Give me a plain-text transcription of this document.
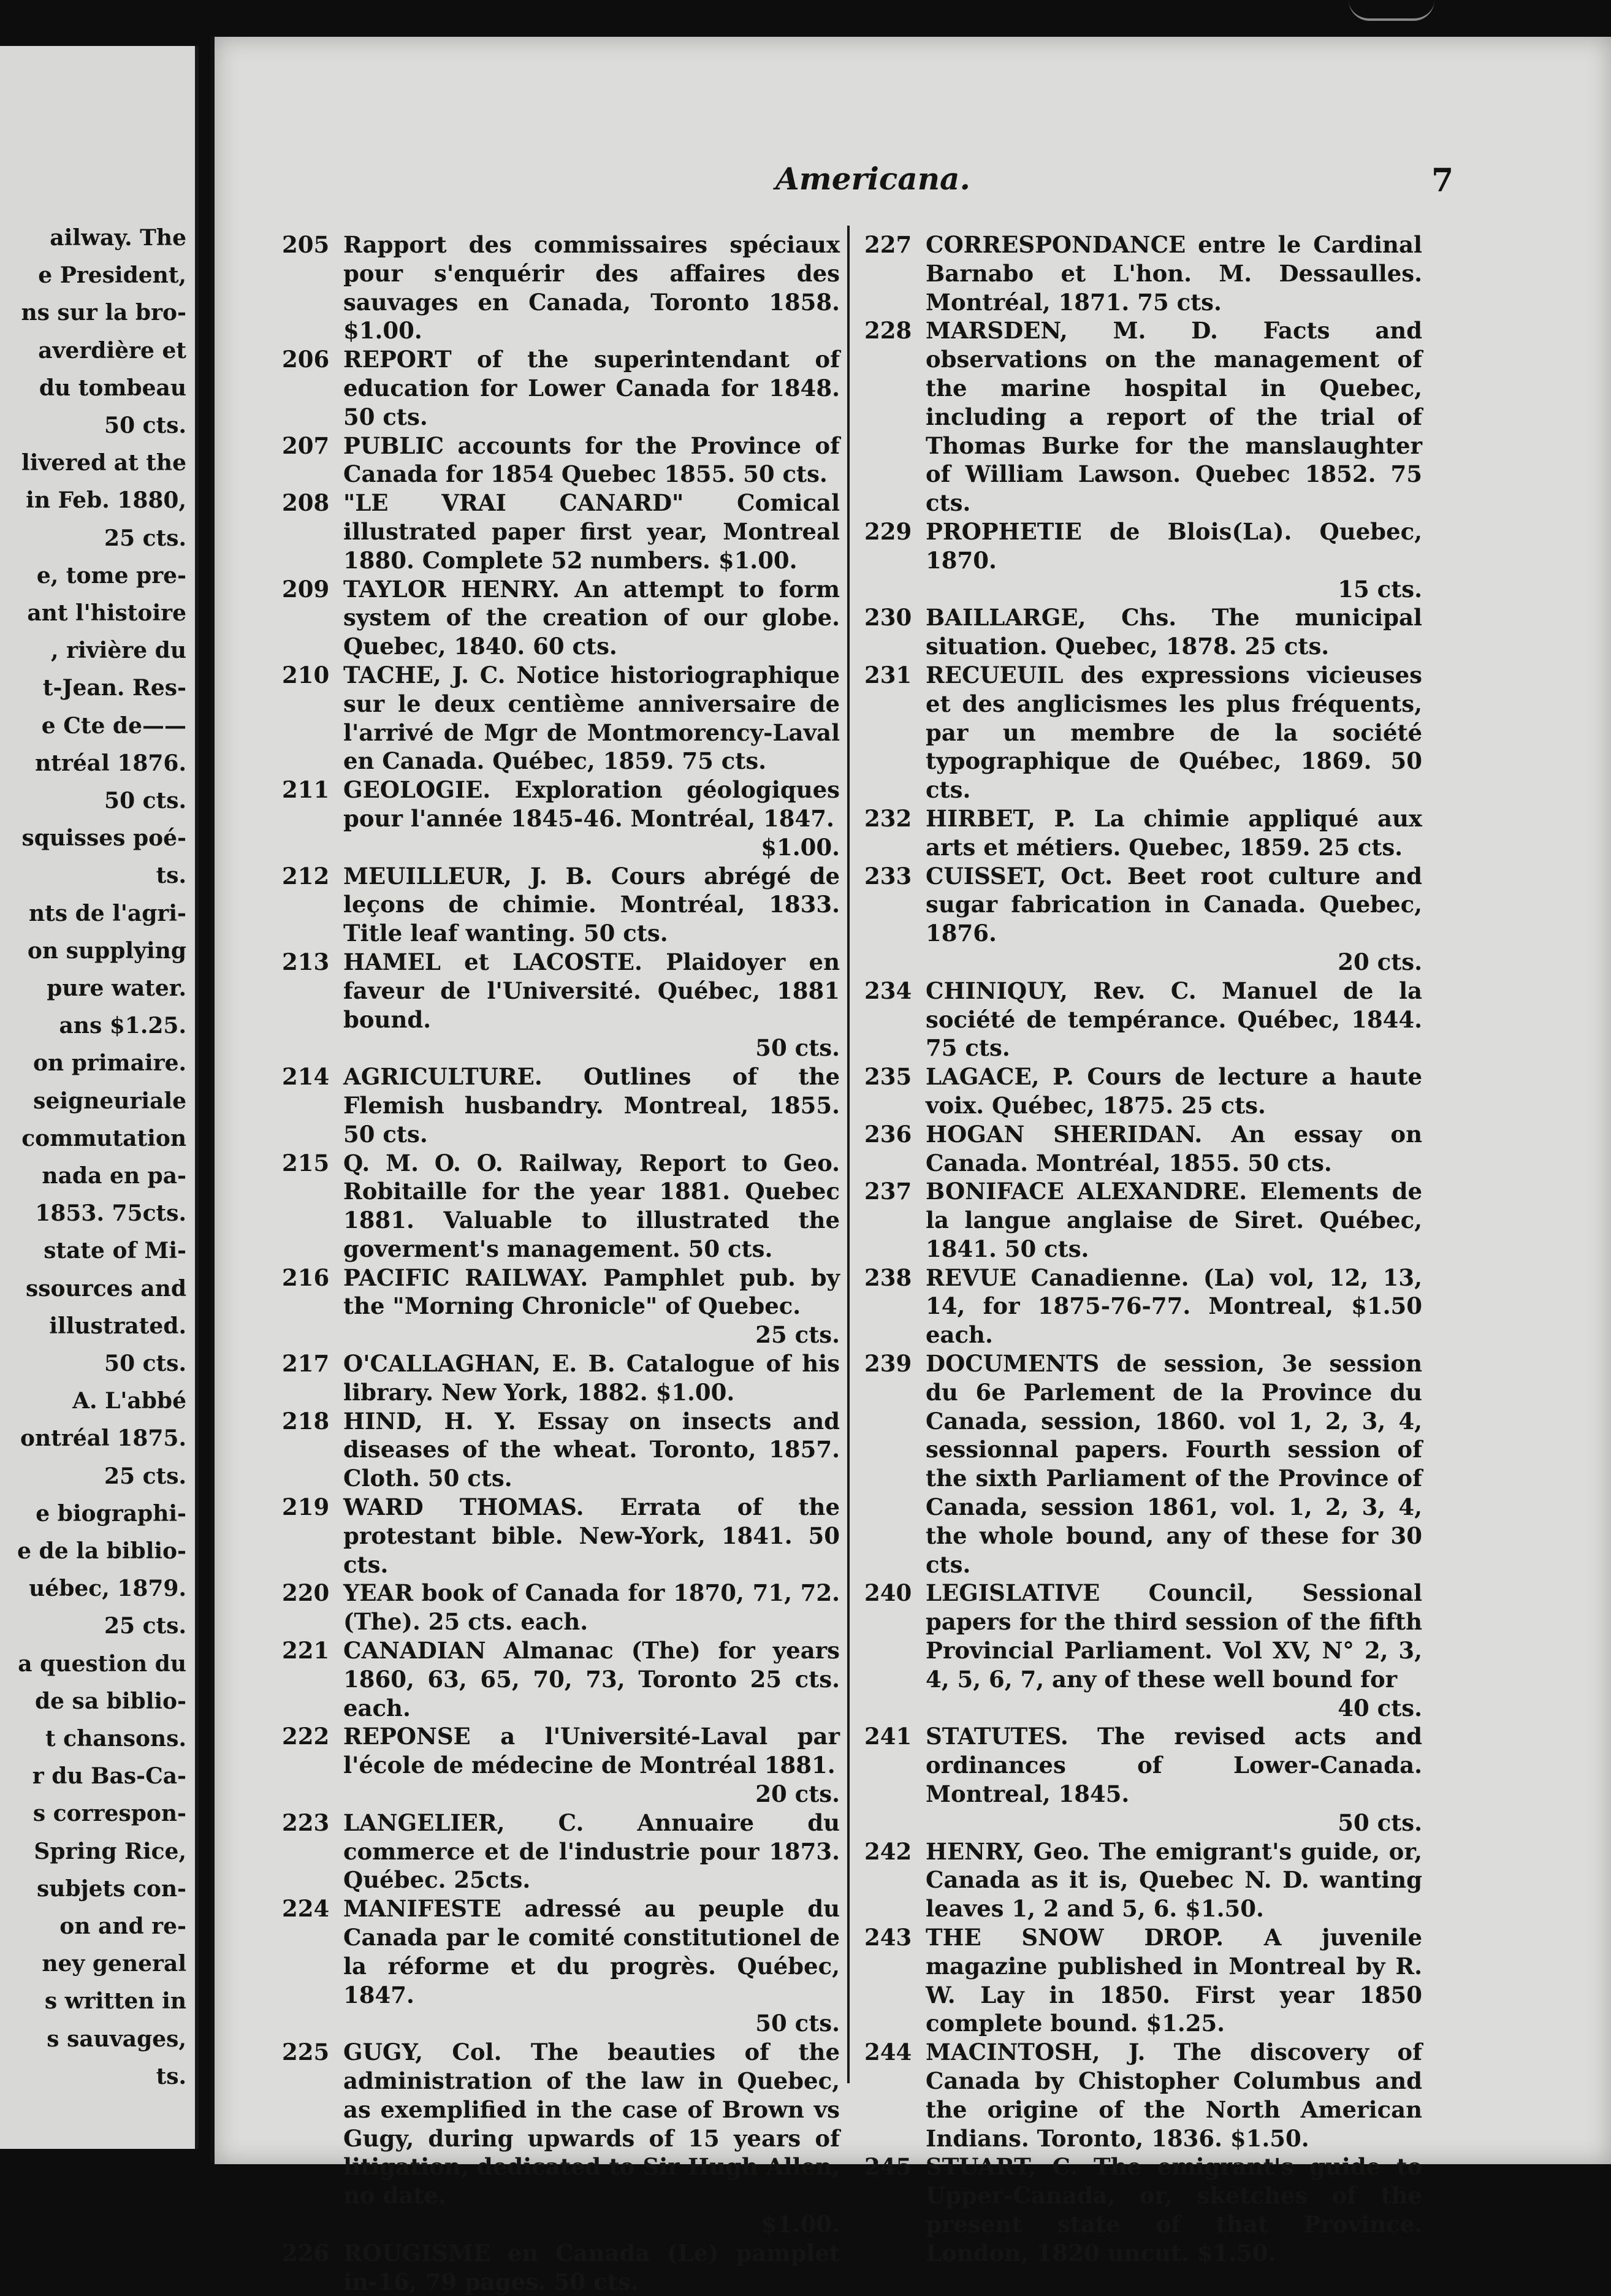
ailway. The
e President,
ns sur la bro-
averdière et
du tombeau
50 cts.
livered at the
in Feb. 1880,
25 cts.
e, tome pre-
ant l'histoire
, rivière du
t-Jean. Res-
e Cte de——
ntréal 1876.
50 cts.
squisses poé-
ts.
nts de l'agri-
on supplying
pure water.
ans $1.25.
on primaire.
seigneuriale
commutation
nada en pa-
1853. 75cts.
state of Mi-
ssources and
illustrated.
50 cts.
A. L'abbé
ontréal 1875.
25 cts.
e biographi-
e de la biblio-
uébec, 1879.
25 cts.
a question du
de sa biblio-
t chansons.
r du Bas-Ca-
s correspon-
Spring Rice,
subjets con-
on and re-
ney general
s written in
s sauvages,
ts.
Americana.	7
205 Rapport des commissaires spéciaux pour s'enquérir des affaires des sauvages en Canada, Toronto 1858. $1.00.
206 REPORT of the superintendant of education for Lower Canada for 1848. 50 cts.
207 PUBLIC accounts for the Province of Canada for 1854 Quebec 1855. 50 cts.
208 "LE VRAI CANARD" Comical illustrated paper first year, Montreal 1880. Complete 52 numbers. $1.00.
209 TAYLOR HENRY. An attempt to form system of the creation of our globe. Quebec, 1840. 60 cts.
210 TACHE, J. C. Notice historiographique sur le deux centième anniversaire de l'arrivé de Mgr de Montmorency-Laval en Canada. Québec, 1859. 75 cts.
211 GEOLOGIE. Exploration géologiques pour l'année 1845-46. Montréal, 1847.
$1.00.
212 MEUILLEUR, J. B. Cours abrégé de leçons de chimie. Montréal, 1833. Title leaf wanting. 50 cts.
213 HAMEL et LACOSTE. Plaidoyer en faveur de l'Université. Québec, 1881 bound.
50 cts.
214 AGRICULTURE. Outlines of the Flemish husbandry. Montreal, 1855. 50 cts.
215 Q. M. O. O. Railway, Report to Geo. Robitaille for the year 1881. Quebec 1881. Valuable to illustrated the goverment's management. 50 cts.
216 PACIFIC RAILWAY. Pamphlet pub. by the "Morning Chronicle" of Quebec.
25 cts.
217 O'CALLAGHAN, E. B. Catalogue of his library. New York, 1882. $1.00.
218 HIND, H. Y. Essay on insects and diseases of the wheat. Toronto, 1857. Cloth. 50 cts.
219 WARD THOMAS. Errata of the protestant bible. New-York, 1841. 50 cts.
220 YEAR book of Canada for 1870, 71, 72. (The). 25 cts. each.
221 CANADIAN Almanac (The) for years 1860, 63, 65, 70, 73, Toronto 25 cts. each.
222 REPONSE a l'Université-Laval par l'école de médecine de Montréal 1881.
20 cts.
223 LANGELIER, C. Annuaire du commerce et de l'industrie pour 1873. Québec. 25cts.
224 MANIFESTE adressé au peuple du Canada par le comité constitutionel de la réforme et du progrès. Québec, 1847.
50 cts.
225 GUGY, Col. The beauties of the administration of the law in Quebec, as exemplified in the case of Brown vs Gugy, during upwards of 15 years of litigation, dedicated to Sir Hugh Allen, no date.
$1.00.
226 ROUGISME en Canada (Le) pamplet in-16, 79 pages. 50 cts.
227 CORRESPONDANCE entre le Cardinal Barnabo et L'hon. M. Dessaulles. Montréal, 1871. 75 cts.
228 MARSDEN, M. D. Facts and observations on the management of the marine hospital in Quebec, including a report of the trial of Thomas Burke for the manslaughter of William Lawson. Quebec 1852. 75 cts.
229 PROPHETIE de Blois(La). Quebec, 1870.
15 cts.
230 BAILLARGE, Chs. The municipal situation. Quebec, 1878. 25 cts.
231 RECUEUIL des expressions vicieuses et des anglicismes les plus fréquents, par un membre de la société typographique de Québec, 1869. 50 cts.
232 HIRBET, P. La chimie appliqué aux arts et métiers. Quebec, 1859. 25 cts.
233 CUISSET, Oct. Beet root culture and sugar fabrication in Canada. Quebec, 1876.
20 cts.
234 CHINIQUY, Rev. C. Manuel de la société de tempérance. Québec, 1844. 75 cts.
235 LAGACE, P. Cours de lecture a haute voix. Québec, 1875. 25 cts.
236 HOGAN SHERIDAN. An essay on Canada. Montréal, 1855. 50 cts.
237 BONIFACE ALEXANDRE. Elements de la langue anglaise de Siret. Québec, 1841. 50 cts.
238 REVUE Canadienne. (La) vol, 12, 13, 14, for 1875-76-77. Montreal, $1.50 each.
239 DOCUMENTS de session, 3e session du 6e Parlement de la Province du Canada, session, 1860. vol 1, 2, 3, 4, sessionnal papers. Fourth session of the sixth Parliament of the Province of Canada, session 1861, vol. 1, 2, 3, 4, the whole bound, any of these for 30 cts.
240 LEGISLATIVE Council, Sessional papers for the third session of the fifth Provincial Parliament. Vol XV, N° 2, 3, 4, 5, 6, 7, any of these well bound for
40 cts.
241 STATUTES. The revised acts and ordinances of Lower-Canada. Montreal, 1845.
50 cts.
242 HENRY, Geo. The emigrant's guide, or, Canada as it is, Quebec N. D. wanting leaves 1, 2 and 5, 6. $1.50.
243 THE SNOW DROP. A juvenile magazine published in Montreal by R. W. Lay in 1850. First year 1850 complete bound. $1.25.
244 MACINTOSH, J. The discovery of Canada by Chistopher Columbus and the origine of the North American Indians. Toronto, 1836. $1.50.
245 STUART, C. The emigrant's guide to Upper-Canada, or, sketches of the present state of that Province. London, 1820 uncut. $1.50.
